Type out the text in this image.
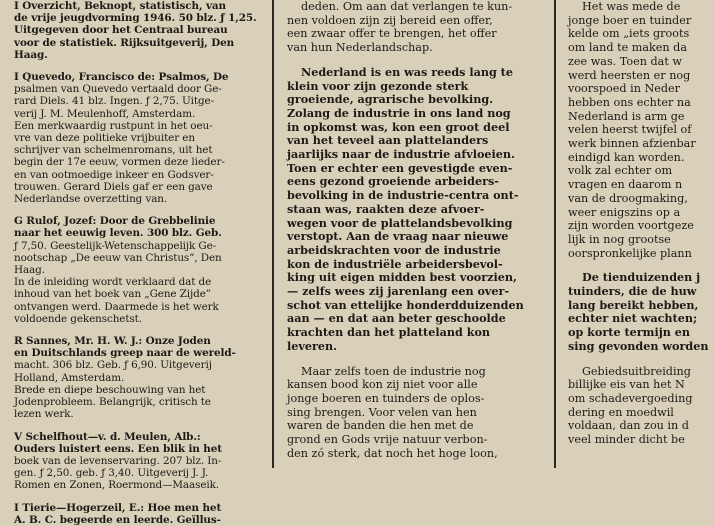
I Overzicht, Beknopt, statistisch, van
de vrije jeugdvorming 1946. 50 blz. ƒ 1,25.
Uitgegeven door het Centraal bureau
voor de statistiek. Rijksuitgeverij, Den
Haag.
I Quevedo, Francisco de: Psalmos, De
psalmen van Quevedo vertaald door Ge-
rard Diels. 41 blz. Ingen. ƒ 2,75. Uitge-
verij J. M. Meulenhoff, Amsterdam.
Een merkwaardig rustpunt in het oeu-
vre van deze politieke vrijbuiter en
schrijver van schelmenromans, uit het
begin der 17e eeuw, vormen deze lieder-
en van ootmoedige inkeer en Godsver-
trouwen. Gerard Diels gaf er een gave
Nederlandse overzetting van.
G Rulof, Jozef: Door de Grebbelinie
naar het eeuwig leven. 300 blz. Geb.
ƒ 7,50. Geestelijk-Wetenschappelijk Ge-
nootschap „De eeuw van Christus”, Den
Haag.
In de inleiding wordt verklaard dat de
inhoud van het boek van „Gene Zijde”
ontvangen werd. Daarmede is het werk
voldoende gekenschetst.
R Sannes, Mr. H. W. J.: Onze Joden
en Duitschlands greep naar de wereld-
macht. 306 blz. Geb. ƒ 6,90. Uitgeverij
Holland, Amsterdam.
Brede en diepe beschouwing van het
Jodenprobleem. Belangrijk, critisch te
lezen werk.
V Schelfhout—v. d. Meulen, Alb.:
Ouders luistert eens. Een blik in het
boek van de levenservaring. 207 blz. In-
gen. ƒ 2,50. geb. ƒ 3,40. Uitgeverij J. J.
Romen en Zonen, Roermond—Maaseik.
I Tierie—Hogerzeil, E.: Hoe men het
A. B. C. begeerde en leerde. Geïllus-
deden. Om aan dat verlangen te kun-
nen voldoen zijn zij bereid een offer,
een zwaar offer te brengen, het offer
van hun Nederlandschap.
Nederland is en was reeds lang te
klein voor zijn gezonde sterk
groeiende, agrarische bevolking.
Zolang de industrie in ons land nog
in opkomst was, kon een groot deel
van het teveel aan plattelanders
jaarlijks naar de industrie afvloeien.
Toen er echter een gevestigde even-
eens gezond groeiende arbeiders-
bevolking in de industrie-centra ont-
staan was, raakten deze afvoer-
wegen voor de plattelandsbevolking
verstopt. Aan de vraag naar nieuwe
arbeidskrachten voor de industrie
kon de industriële arbeidersbevol-
king uit eigen midden best voorzien,
— zelfs wees zij jarenlang een over-
schot van ettelijke honderdduizenden
aan — en dat aan beter geschoolde
krachten dan het platteland kon
leveren.
Maar zelfs toen de industrie nog
kansen bood kon zij niet voor alle
jonge boeren en tuinders de oplos-
sing brengen. Voor velen van hen
waren de banden die hen met de
grond en Gods vrije natuur verbon-
den zó sterk, dat noch het hoge loon,
Het was mede de
jonge boer en tuinder
kelde om „iets groots
om land te maken da
zee was. Toen dat w
werd heersten er nog
voorspoed in Neder
hebben ons echter na
Nederland is arm ge
velen heerst twijfel of
werk binnen afzienbar
eindigd kan worden.
volk zal echter om
vragen en daarom n
van de droogmaking,
weer enigszins op a
zijn worden voortgeze
lijk in nog grootse
oorspronkelijke plann
De tienduizenden j
tuinders, die de huw
lang bereikt hebben,
echter niet wachten;
op korte termijn en
sing gevonden worden
Gebiedsuitbreiding
billijke eis van het N
om schadevergoeding
dering en moedwil
voldaan, dan zou in d
veel minder dicht be
